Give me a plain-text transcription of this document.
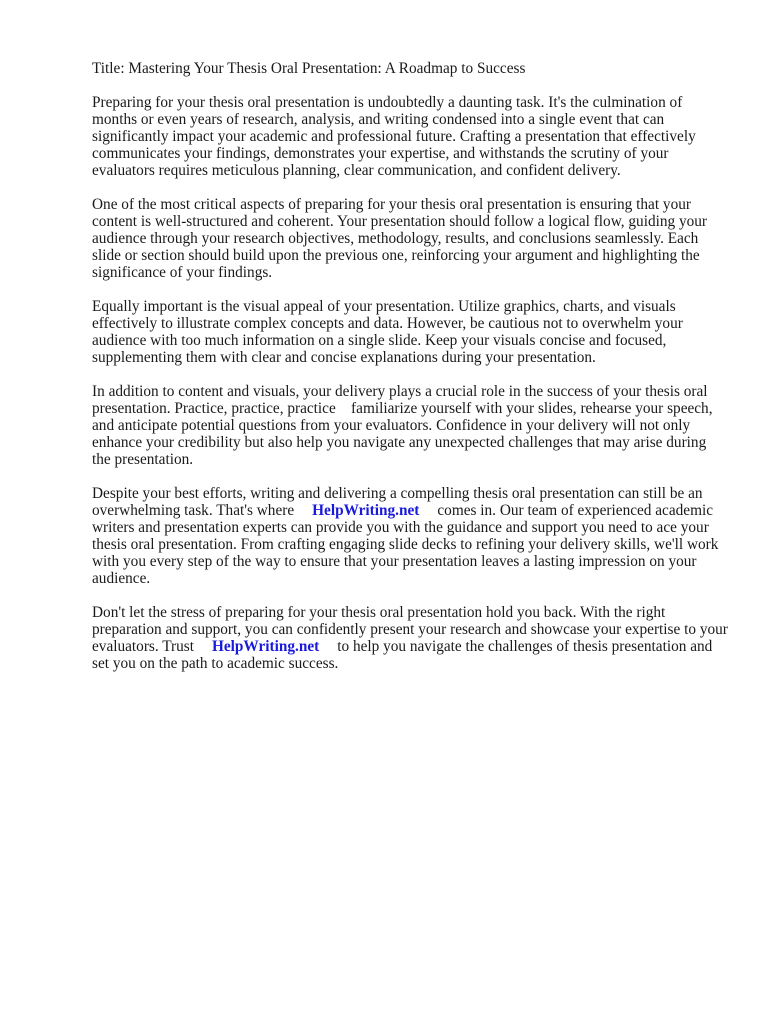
Title: Mastering Your Thesis Oral Presentation: A Roadmap to Success

Preparing for your thesis oral presentation is undoubtedly a daunting task. It's the culmination of months or even years of research, analysis, and writing condensed into a single event that can significantly impact your academic and professional future. Crafting a presentation that effectively communicates your findings, demonstrates your expertise, and withstands the scrutiny of your evaluators requires meticulous planning, clear communication, and confident delivery.

One of the most critical aspects of preparing for your thesis oral presentation is ensuring that your content is well-structured and coherent. Your presentation should follow a logical flow, guiding your audience through your research objectives, methodology, results, and conclusions seamlessly. Each slide or section should build upon the previous one, reinforcing your argument and highlighting the significance of your findings.

Equally important is the visual appeal of your presentation. Utilize graphics, charts, and visuals effectively to illustrate complex concepts and data. However, be cautious not to overwhelm your audience with too much information on a single slide. Keep your visuals concise and focused, supplementing them with clear and concise explanations during your presentation.

In addition to content and visuals, your delivery plays a crucial role in the success of your thesis oral presentation. Practice, practice, practice    familiarize yourself with your slides, rehearse your speech, and anticipate potential questions from your evaluators. Confidence in your delivery will not only enhance your credibility but also help you navigate any unexpected challenges that may arise during the presentation.

Despite your best efforts, writing and delivering a compelling thesis oral presentation can still be an overwhelming task. That's where HelpWriting.net comes in. Our team of experienced academic writers and presentation experts can provide you with the guidance and support you need to ace your thesis oral presentation. From crafting engaging slide decks to refining your delivery skills, we'll work with you every step of the way to ensure that your presentation leaves a lasting impression on your audience.

Don't let the stress of preparing for your thesis oral presentation hold you back. With the right preparation and support, you can confidently present your research and showcase your expertise to your evaluators. Trust HelpWriting.net to help you navigate the challenges of thesis presentation and set you on the path to academic success.
